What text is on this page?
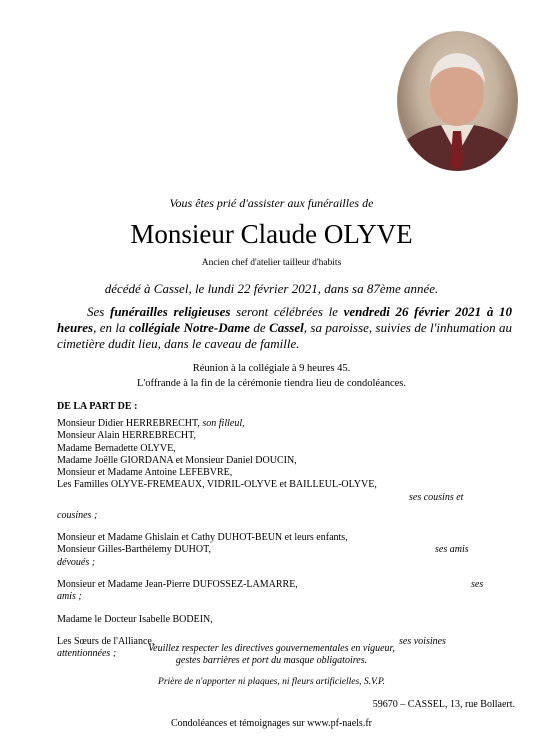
Vous êtes prié d'assister aux funérailles de
Monsieur Claude OLYVE
Ancien chef d'atelier tailleur d'habits
décédé à Cassel, le lundi 22 février 2021, dans sa 87ème année.
Ses funérailles religieuses seront célébrées le vendredi 26 février 2021 à 10 heures, en la collégiale Notre-Dame de Cassel, sa paroisse, suivies de l'inhumation au cimetière dudit lieu, dans le caveau de famille.
Réunion à la collégiale à 9 heures 45.
L'offrande à la fin de la cérémonie tiendra lieu de condoléances.
DE LA PART DE :

Monsieur Didier HERREBRECHT, son filleul,

Monsieur Alain HERREBRECHT,

Madame Bernadette OLYVE,

Madame Joëlle GIORDANA et Monsieur Daniel DOUCIN,

Monsieur et Madame Antoine LEFEBVRE,

Les Familles OLYVE-FREMEAUX, VIDRIL-OLYVE et BAILLEUL-OLYVE,

ses cousins et

cousines ;

Monsieur et Madame Ghislain et Cathy DUHOT-BEUN et leurs enfants,

Monsieur Gilles-Barthélemy DUHOT,	ses amis

dévoués ;

Monsieur et Madame Jean-Pierre DUFOSSEZ-LAMARRE,	ses

amis ;

Madame le Docteur Isabelle BODEIN,

Les Sœurs de l'Alliance,	ses voisines

attentionnées ;	Veuillez respecter les directives gouvernementales en vigueur,
gestes barrières et port du masque obligatoires.
Prière de n'apporter ni plaques, ni fleurs artificielles, S.V.P.
59670 – CASSEL, 13, rue Bollaert.
Condoléances et témoignages sur www.pf-naels.fr
